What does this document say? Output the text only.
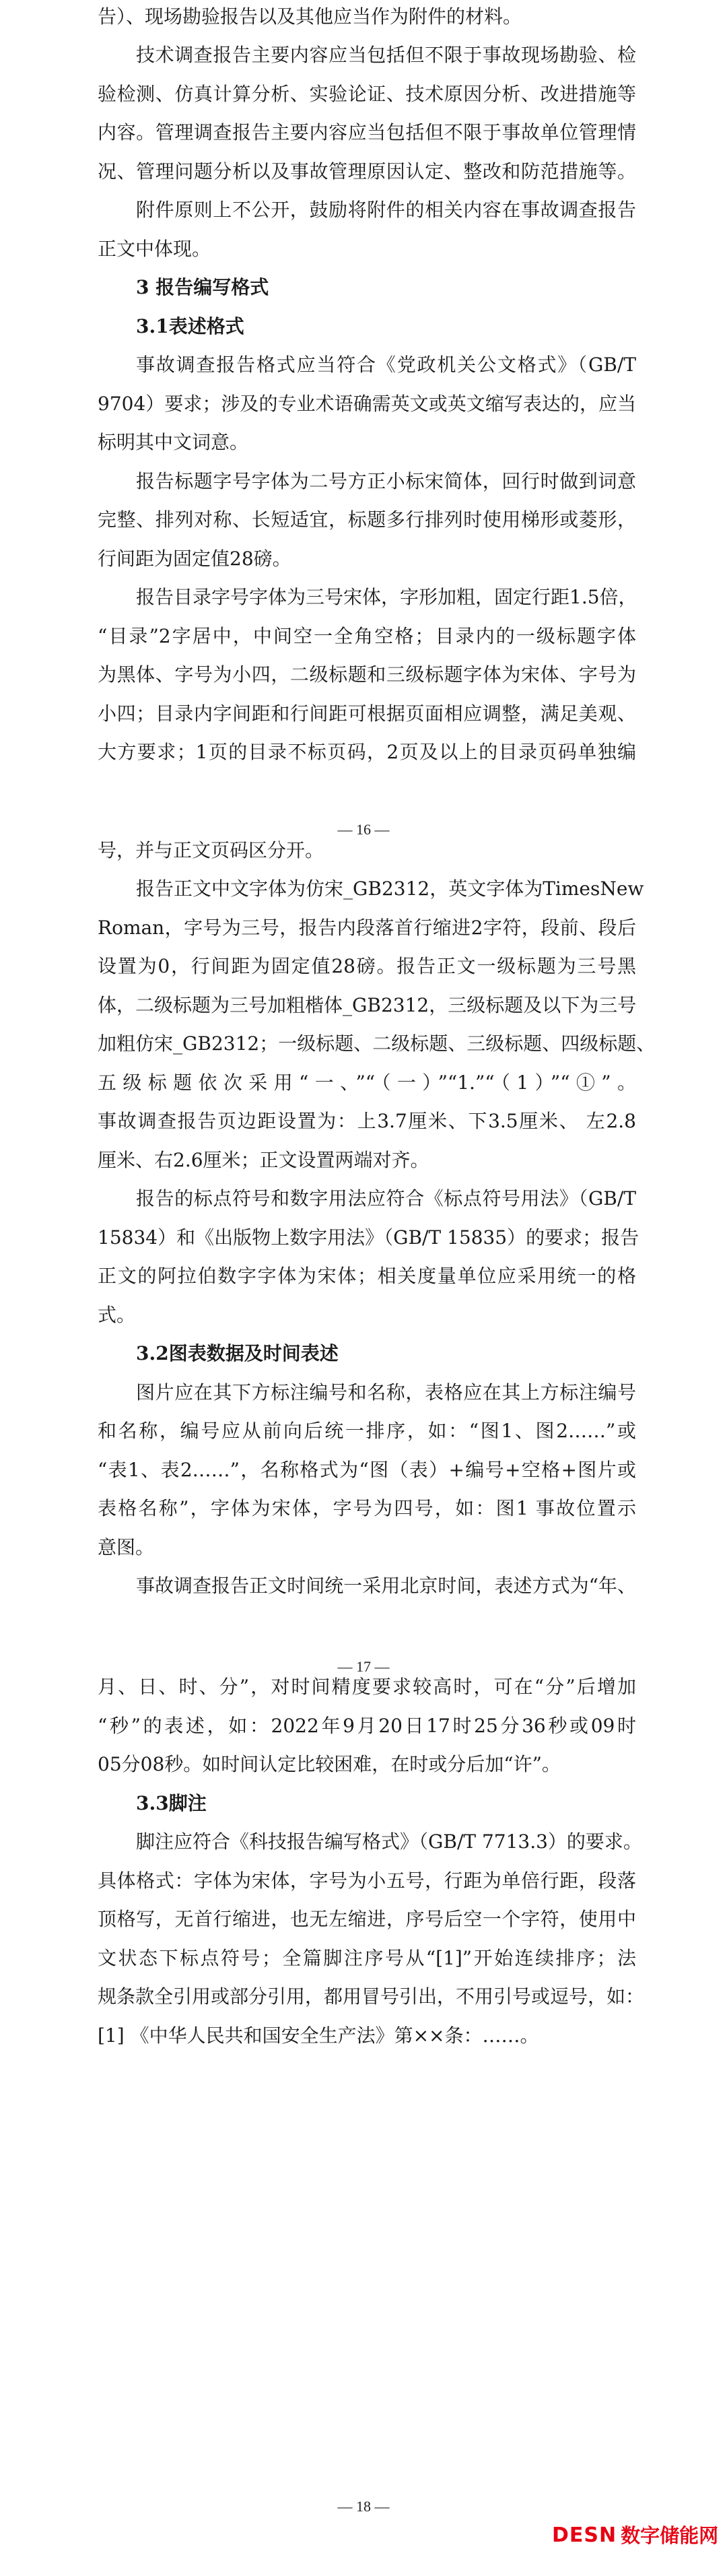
告）、现场勘验报告以及其他应当作为附件的材料。
技术调查报告主要内容应当包括但不限于事故现场勘验、检
验检测、仿真计算分析、实验论证、技术原因分析、改进措施等
内容。管理调查报告主要内容应当包括但不限于事故单位管理情
况、管理问题分析以及事故管理原因认定、整改和防范措施等。
附件原则上不公开，鼓励将附件的相关内容在事故调查报告
正文中体现。
3 报告编写格式
3.1表述格式
事故调查报告格式应当符合《党政机关公文格式》（GB/T
9704）要求；涉及的专业术语确需英文或英文缩写表达的，应当
标明其中文词意。
报告标题字号字体为二号方正小标宋简体，回行时做到词意
完整、排列对称、长短适宜，标题多行排列时使用梯形或菱形，
行间距为固定值28磅。
报告目录字号字体为三号宋体，字形加粗，固定行距1.5倍，
“目录”2字居中，中间空一全角空格；目录内的一级标题字体
为黑体、字号为小四，二级标题和三级标题字体为宋体、字号为
小四；目录内字间距和行间距可根据页面相应调整，满足美观、
大方要求；1页的目录不标页码，2页及以上的目录页码单独编
— 16 —
号，并与正文页码区分开。
报告正文中文字体为仿宋_GB2312，英文字体为TimesNew
Roman，字号为三号，报告内段落首行缩进2字符，段前、段后
设置为0，行间距为固定值28磅。报告正文一级标题为三号黑
体，二级标题为三号加粗楷体_GB2312，三级标题及以下为三号
加粗仿宋_GB2312；一级标题、二级标题、三级标题、四级标题、
五级标题依次采用“一、”“（一）”“1.”“（1）”“①”。
事故调查报告页边距设置为：上3.7厘米、下3.5厘米、 左2.8
厘米、右2.6厘米；正文设置两端对齐。
报告的标点符号和数字用法应符合《标点符号用法》（GB/T
15834）和《出版物上数字用法》（GB/T 15835）的要求；报告
正文的阿拉伯数字字体为宋体；相关度量单位应采用统一的格
式。
3.2图表数据及时间表述
图片应在其下方标注编号和名称，表格应在其上方标注编号
和名称，编号应从前向后统一排序，如：“图1、图2……”或
“表1、表2……”，名称格式为“图（表）+编号+空格+图片或
表格名称”，字体为宋体，字号为四号，如：图1 事故位置示
意图。
事故调查报告正文时间统一采用北京时间，表述方式为“年、
— 17 —
月、日、时、分”，对时间精度要求较高时，可在“分”后增加
“秒”的表述，如：2022年9月20日17时25分36秒或09时
05分08秒。如时间认定比较困难，在时或分后加“许”。
3.3脚注
脚注应符合《科技报告编写格式》（GB/T 7713.3）的要求。
具体格式：字体为宋体，字号为小五号，行距为单倍行距，段落
顶格写，无首行缩进，也无左缩进，序号后空一个字符，使用中
文状态下标点符号；全篇脚注序号从“[1]”开始连续排序；法
规条款全引用或部分引用，都用冒号引出，不用引号或逗号，如：
[1] 《中华人民共和国安全生产法》第××条：……。
— 18 —
DESN 数字储能网
